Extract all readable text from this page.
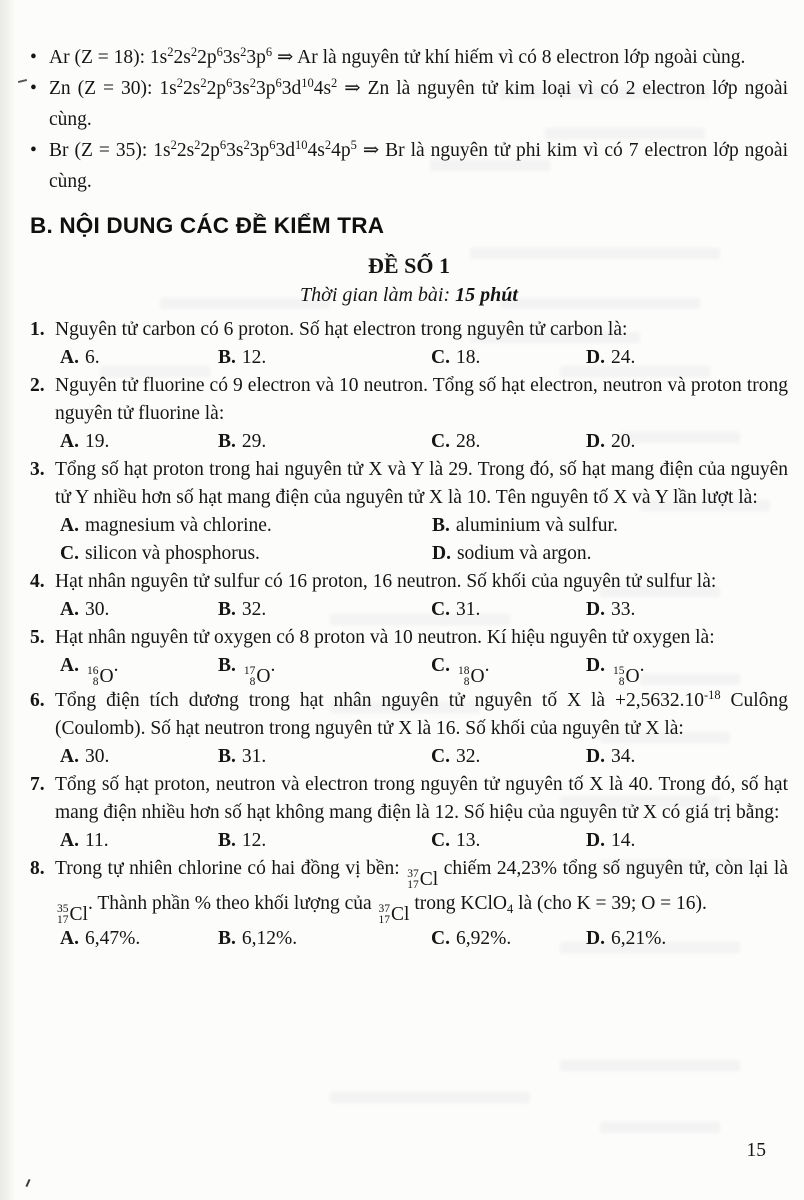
• Ar (Z = 18): $1s^22s^22p^63s^23p^6$ ⇒ Ar là nguyên tử khí hiếm vì có 8 electron lớp ngoài cùng.
• Zn (Z = 30): $1s^22s^22p^63s^23p^63d^{10}4s^2$ ⇒ Zn là nguyên tử kim loại vì có 2 electron lớp ngoài cùng.
• Br (Z = 35): $1s^22s^22p^63s^23p^63d^{10}4s^24p^5$ ⇒ Br là nguyên tử phi kim vì có 7 electron lớp ngoài cùng.
B. NỘI DUNG CÁC ĐỀ KIỂM TRA
ĐỀ SỐ 1
Thời gian làm bài: 15 phút
1. Nguyên tử carbon có 6 proton. Số hạt electron trong nguyên tử carbon là:
A. 6.	B. 12.	C. 18.	D. 24.
2. Nguyên tử fluorine có 9 electron và 10 neutron. Tổng số hạt electron, neutron và proton trong nguyên tử fluorine là:
A. 19.	B. 29.	C. 28.	D. 20.
3. Tổng số hạt proton trong hai nguyên tử X và Y là 29. Trong đó, số hạt mang điện của nguyên tử Y nhiều hơn số hạt mang điện của nguyên tử X là 10. Tên nguyên tố X và Y lần lượt là:
A. magnesium và chlorine.	B. aluminium và sulfur.
C. silicon và phosphorus.	D. sodium và argon.
4. Hạt nhân nguyên tử sulfur có 16 proton, 16 neutron. Số khối của nguyên tử sulfur là:
A. 30.	B. 32.	C. 31.	D. 33.
5. Hạt nhân nguyên tử oxygen có 8 proton và 10 neutron. Kí hiệu nguyên tử oxygen là:
A. 16
8 O .	B. 17
8 O .	C. 18
8 O .	D. 15
8 O .
6. Tổng điện tích dương trong hạt nhân nguyên tử nguyên tố X là $+2,5632.10^{-18}$ Culông (Coulomb). Số hạt neutron trong nguyên tử X là 16. Số khối của nguyên tử X là:
A. 30.	B. 31.	C. 32.	D. 34.
7. Tổng số hạt proton, neutron và electron trong nguyên tử nguyên tố X là 40. Trong đó, số hạt mang điện nhiều hơn số hạt không mang điện là 12. Số hiệu của nguyên tử X có giá trị bằng:
A. 11.	B. 12.	C. 13.	D. 14.
8. Trong tự nhiên chlorine có hai đồng vị bền: 37
17 Cl chiếm 24,23% tổng số nguyên tử, còn lại là
35
17 Cl . Thành phần % theo khối lượng của 37
17 Cl trong KClO$_4$ là (cho K = 39; O = 16).
A. 6,47%.	B. 6,12%.	C. 6,92%.	D. 6,21%.
15
